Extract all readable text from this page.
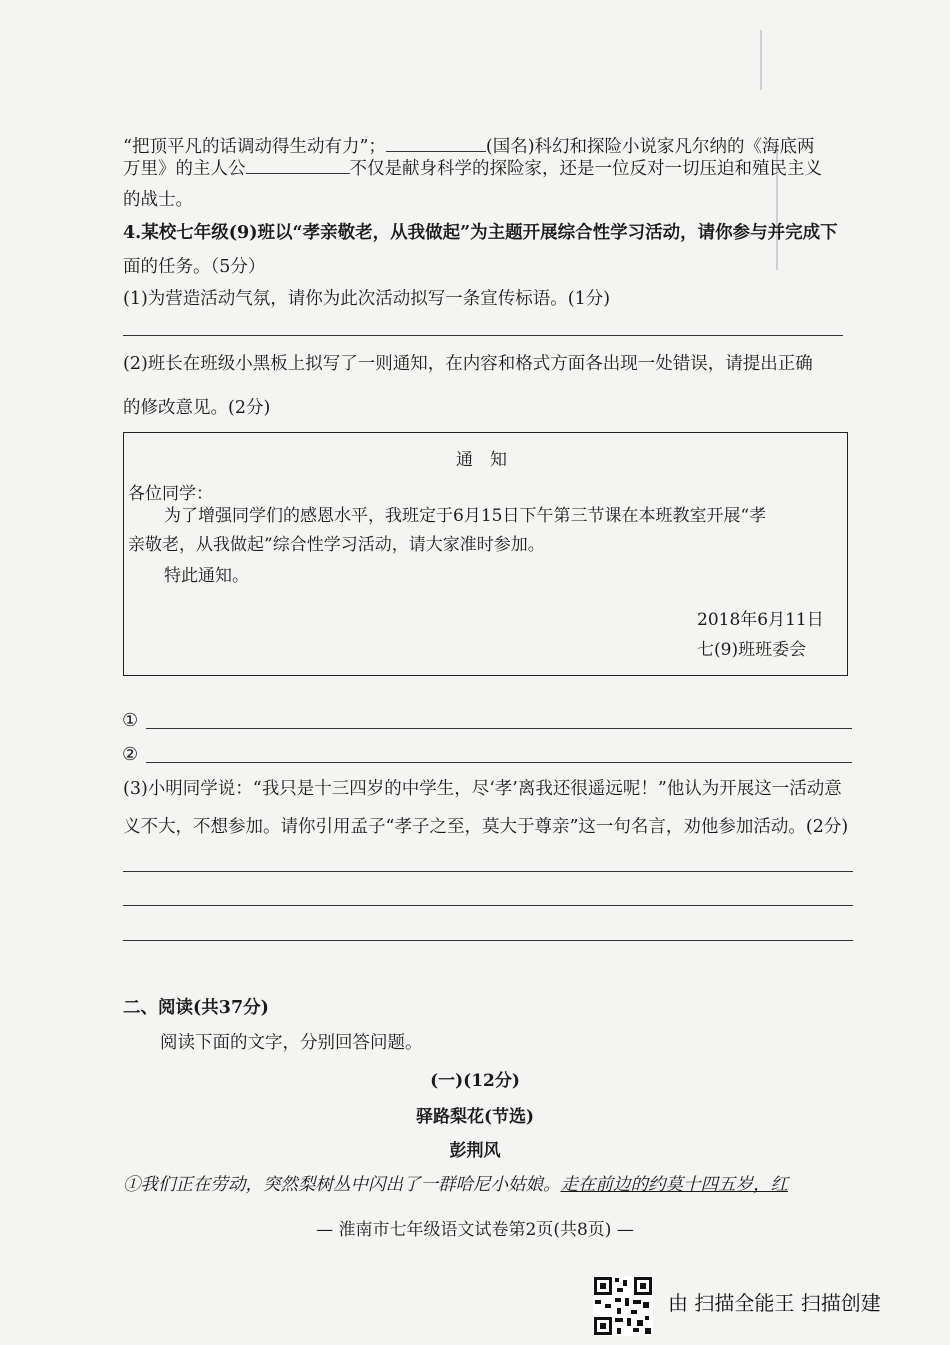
“把顶平凡的话调动得生动有力”；	(国名)科幻和探险小说家凡尔纳的《海底两
万里》的主人公	不仅是献身科学的探险家，还是一位反对一切压迫和殖民主义
的战士。
4.某校七年级(9)班以“孝亲敬老，从我做起”为主题开展综合性学习活动，请你参与并完成下
面的任务。（5分）
(1)为营造活动气氛，请你为此次活动拟写一条宣传标语。(1分)
(2)班长在班级小黑板上拟写了一则通知，在内容和格式方面各出现一处错误，请提出正确
的修改意见。(2分)
通　知
各位同学：
为了增强同学们的感恩水平，我班定于6月15日下午第三节课在本班教室开展“孝
亲敬老，从我做起”综合性学习活动，请大家准时参加。
特此通知。
2018年6月11日
七(9)班班委会
①
②
(3)小明同学说：“我只是十三四岁的中学生，尽‘孝’离我还很遥远呢！”他认为开展这一活动意
义不大，不想参加。请你引用孟子“孝子之至，莫大于尊亲”这一句名言，劝他参加活动。(2分)
二、阅读(共37分)
阅读下面的文字，分别回答问题。
(一)(12分)
驿路梨花(节选)
彭荆风
①我们正在劳动，突然梨树丛中闪出了一群哈尼小姑娘。走在前边的约莫十四五岁，红
— 淮南市七年级语文试卷第2页(共8页) —
由 扫描全能王 扫描创建
